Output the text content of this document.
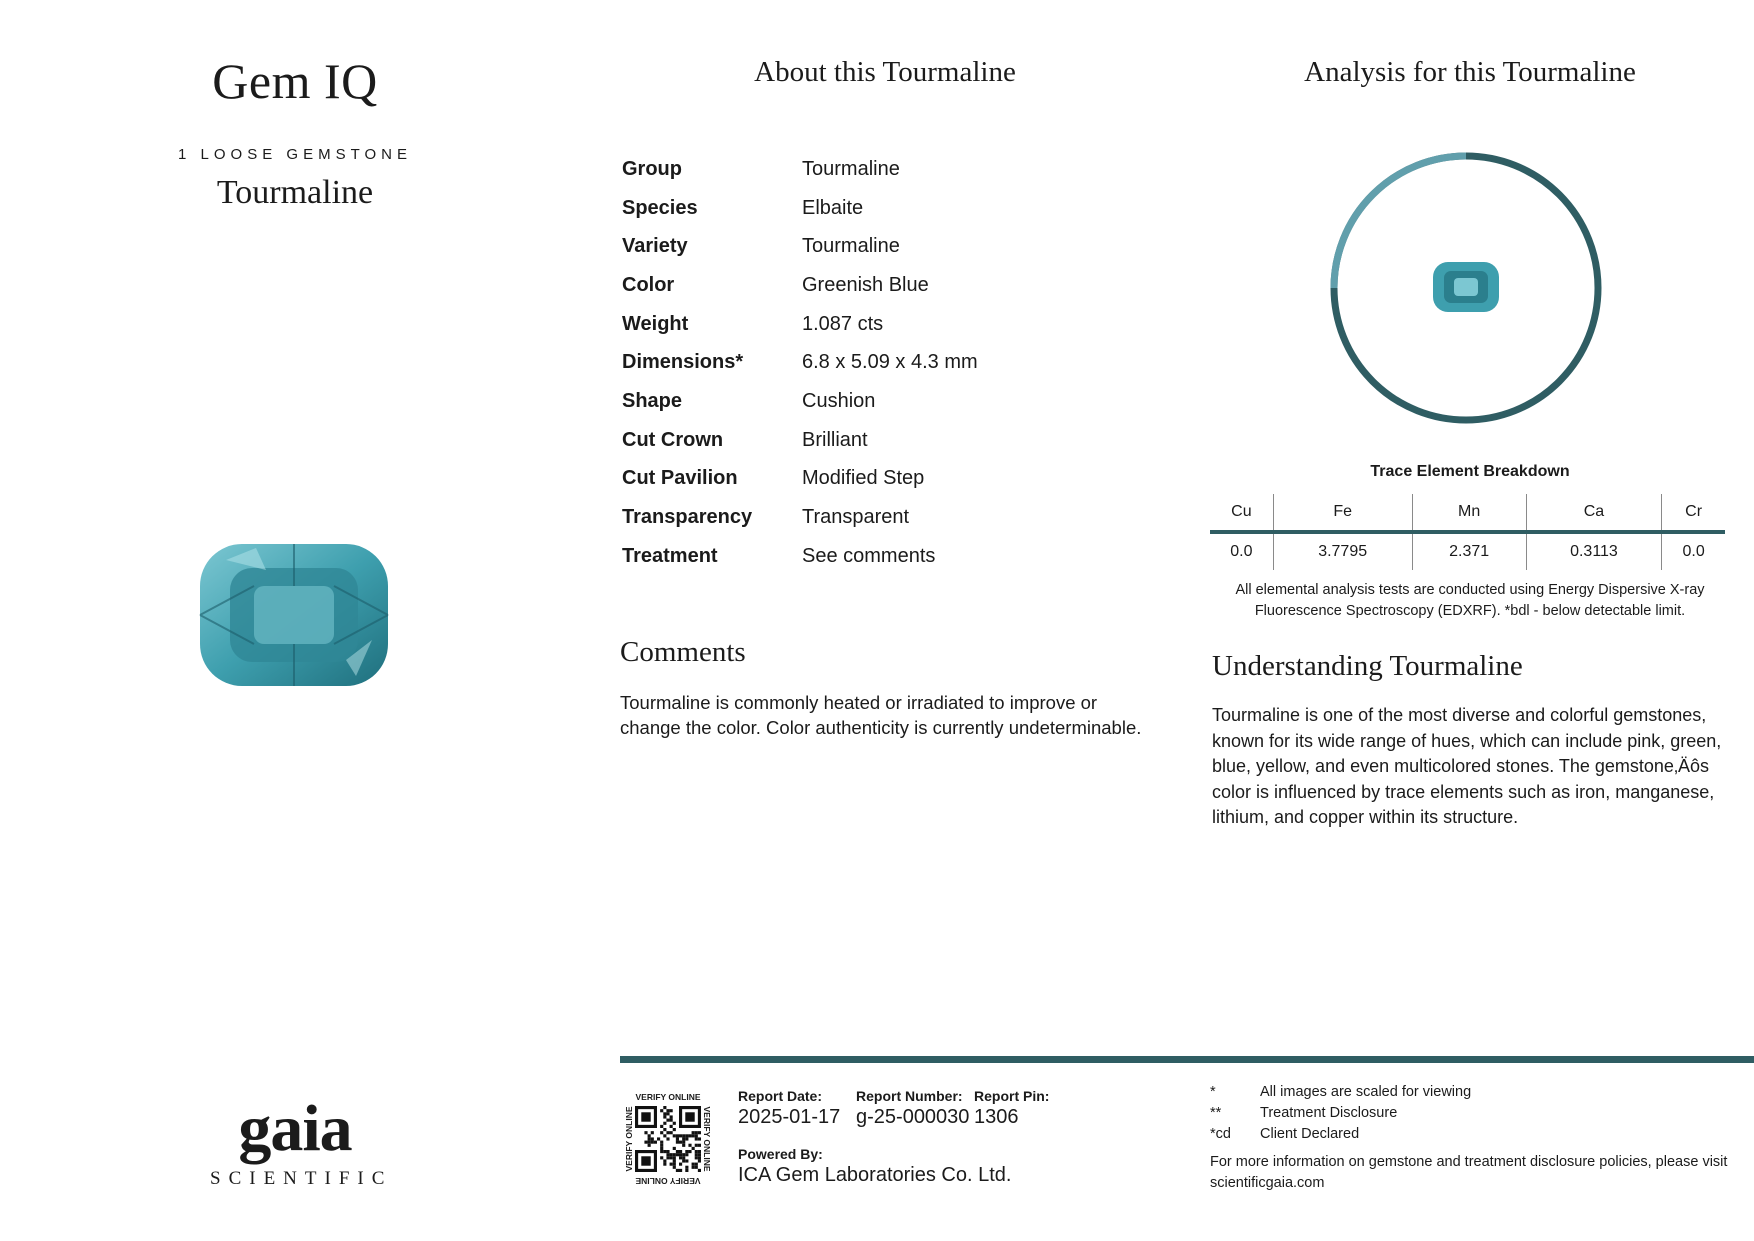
Gem IQ
1 LOOSE GEMSTONE
Tourmaline
gaia
SCIENTIFIC
About this Tourmaline
Group	Tourmaline
Species	Elbaite
Variety	Tourmaline
Color	Greenish Blue
Weight	1.087 cts
Dimensions*	6.8 x 5.09 x 4.3 mm
Shape	Cushion
Cut Crown	Brilliant
Cut Pavilion	Modified Step
Transparency	Transparent
Treatment	See comments
Comments
Tourmaline is commonly heated or irradiated to improve or change the color. Color authenticity is currently undeterminable.
Analysis for this Tourmaline
Trace Element Breakdown
Cu	Fe	Mn	Ca	Cr
0.0	3.7795	2.371	0.3113	0.0
All elemental analysis tests are conducted using Energy Dispersive X-ray Fluorescence Spectroscopy (EDXRF). *bdl - below detectable limit.
Understanding Tourmaline
Tourmaline is one of the most diverse and colorful gemstones, known for its wide range of hues, which can include pink, green, blue, yellow, and even multicolored stones. The gemstone‚Äôs color is influenced by trace elements such as iron, manganese, lithium, and copper within its structure.
VERIFY ONLINE
VERIFY ONLINE	VERIFY ONLINE
VERIFY ONLINE
Report Date:
2025-01-17
Report Number:
g-25-000030
Report Pin:
1306
Powered By:
ICA Gem Laboratories Co. Ltd.
*	All images are scaled for viewing
**	Treatment Disclosure
*cd	Client Declared
For more information on gemstone and treatment disclosure policies, please visit scientificgaia.com
